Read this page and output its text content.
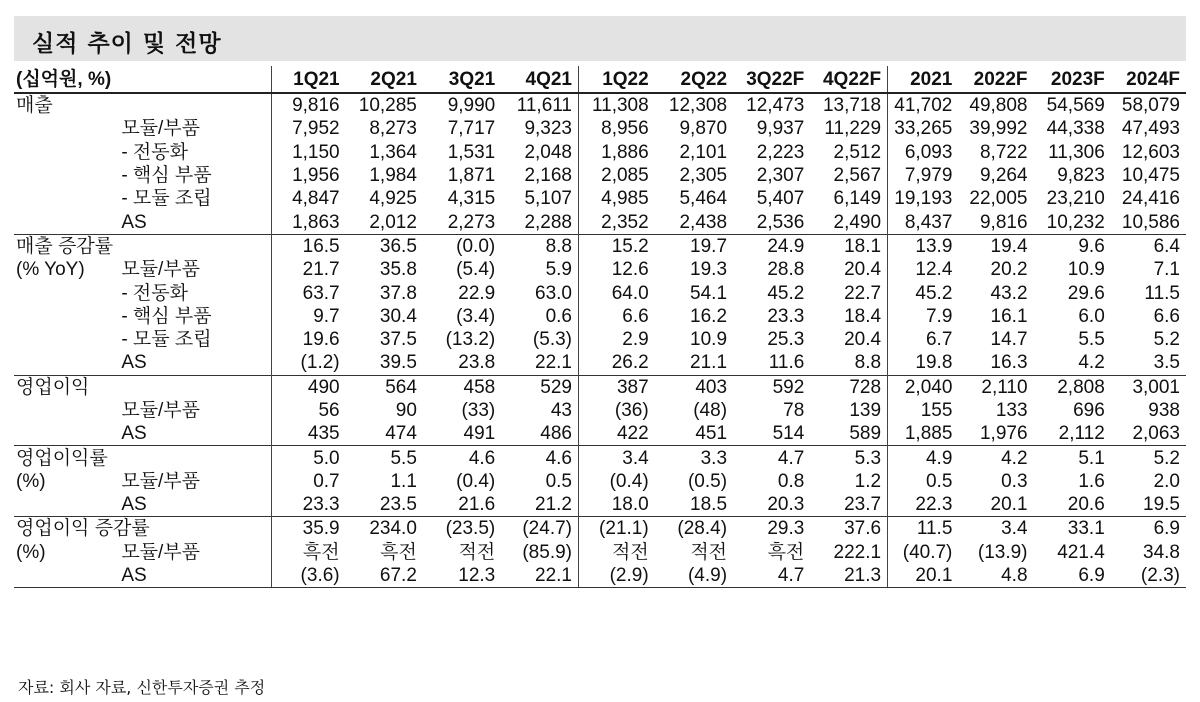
실적 추이 및 전망
(십억원, %)		1Q21	2Q21	3Q21	4Q21	1Q22	2Q22	3Q22F	4Q22F	2021	2022F	2023F	2024F
매출		9,816	10,285	9,990	11,611	11,308	12,308	12,473	13,718	41,702	49,808	54,569	58,079
	모듈/부품	7,952	8,273	7,717	9,323	8,956	9,870	9,937	11,229	33,265	39,992	44,338	47,493
	- 전동화	1,150	1,364	1,531	2,048	1,886	2,101	2,223	2,512	6,093	8,722	11,306	12,603
	- 핵심 부품	1,956	1,984	1,871	2,168	2,085	2,305	2,307	2,567	7,979	9,264	9,823	10,475
	- 모듈 조립	4,847	4,925	4,315	5,107	4,985	5,464	5,407	6,149	19,193	22,005	23,210	24,416
	AS	1,863	2,012	2,273	2,288	2,352	2,438	2,536	2,490	8,437	9,816	10,232	10,586
매출 증감률		16.5	36.5	(0.0)	8.8	15.2	19.7	24.9	18.1	13.9	19.4	9.6	6.4
(% YoY)	모듈/부품	21.7	35.8	(5.4)	5.9	12.6	19.3	28.8	20.4	12.4	20.2	10.9	7.1
	- 전동화	63.7	37.8	22.9	63.0	64.0	54.1	45.2	22.7	45.2	43.2	29.6	11.5
	- 핵심 부품	9.7	30.4	(3.4)	0.6	6.6	16.2	23.3	18.4	7.9	16.1	6.0	6.6
	- 모듈 조립	19.6	37.5	(13.2)	(5.3)	2.9	10.9	25.3	20.4	6.7	14.7	5.5	5.2
	AS	(1.2)	39.5	23.8	22.1	26.2	21.1	11.6	8.8	19.8	16.3	4.2	3.5
영업이익		490	564	458	529	387	403	592	728	2,040	2,110	2,808	3,001
	모듈/부품	56	90	(33)	43	(36)	(48)	78	139	155	133	696	938
	AS	435	474	491	486	422	451	514	589	1,885	1,976	2,112	2,063
영업이익률		5.0	5.5	4.6	4.6	3.4	3.3	4.7	5.3	4.9	4.2	5.1	5.2
(%)	모듈/부품	0.7	1.1	(0.4)	0.5	(0.4)	(0.5)	0.8	1.2	0.5	0.3	1.6	2.0
	AS	23.3	23.5	21.6	21.2	18.0	18.5	20.3	23.7	22.3	20.1	20.6	19.5
영업이익 증감률		35.9	234.0	(23.5)	(24.7)	(21.1)	(28.4)	29.3	37.6	11.5	3.4	33.1	6.9
(%)	모듈/부품	흑전	흑전	적전	(85.9)	적전	적전	흑전	222.1	(40.7)	(13.9)	421.4	34.8
	AS	(3.6)	67.2	12.3	22.1	(2.9)	(4.9)	4.7	21.3	20.1	4.8	6.9	(2.3)
자료: 회사 자료, 신한투자증권 추정
